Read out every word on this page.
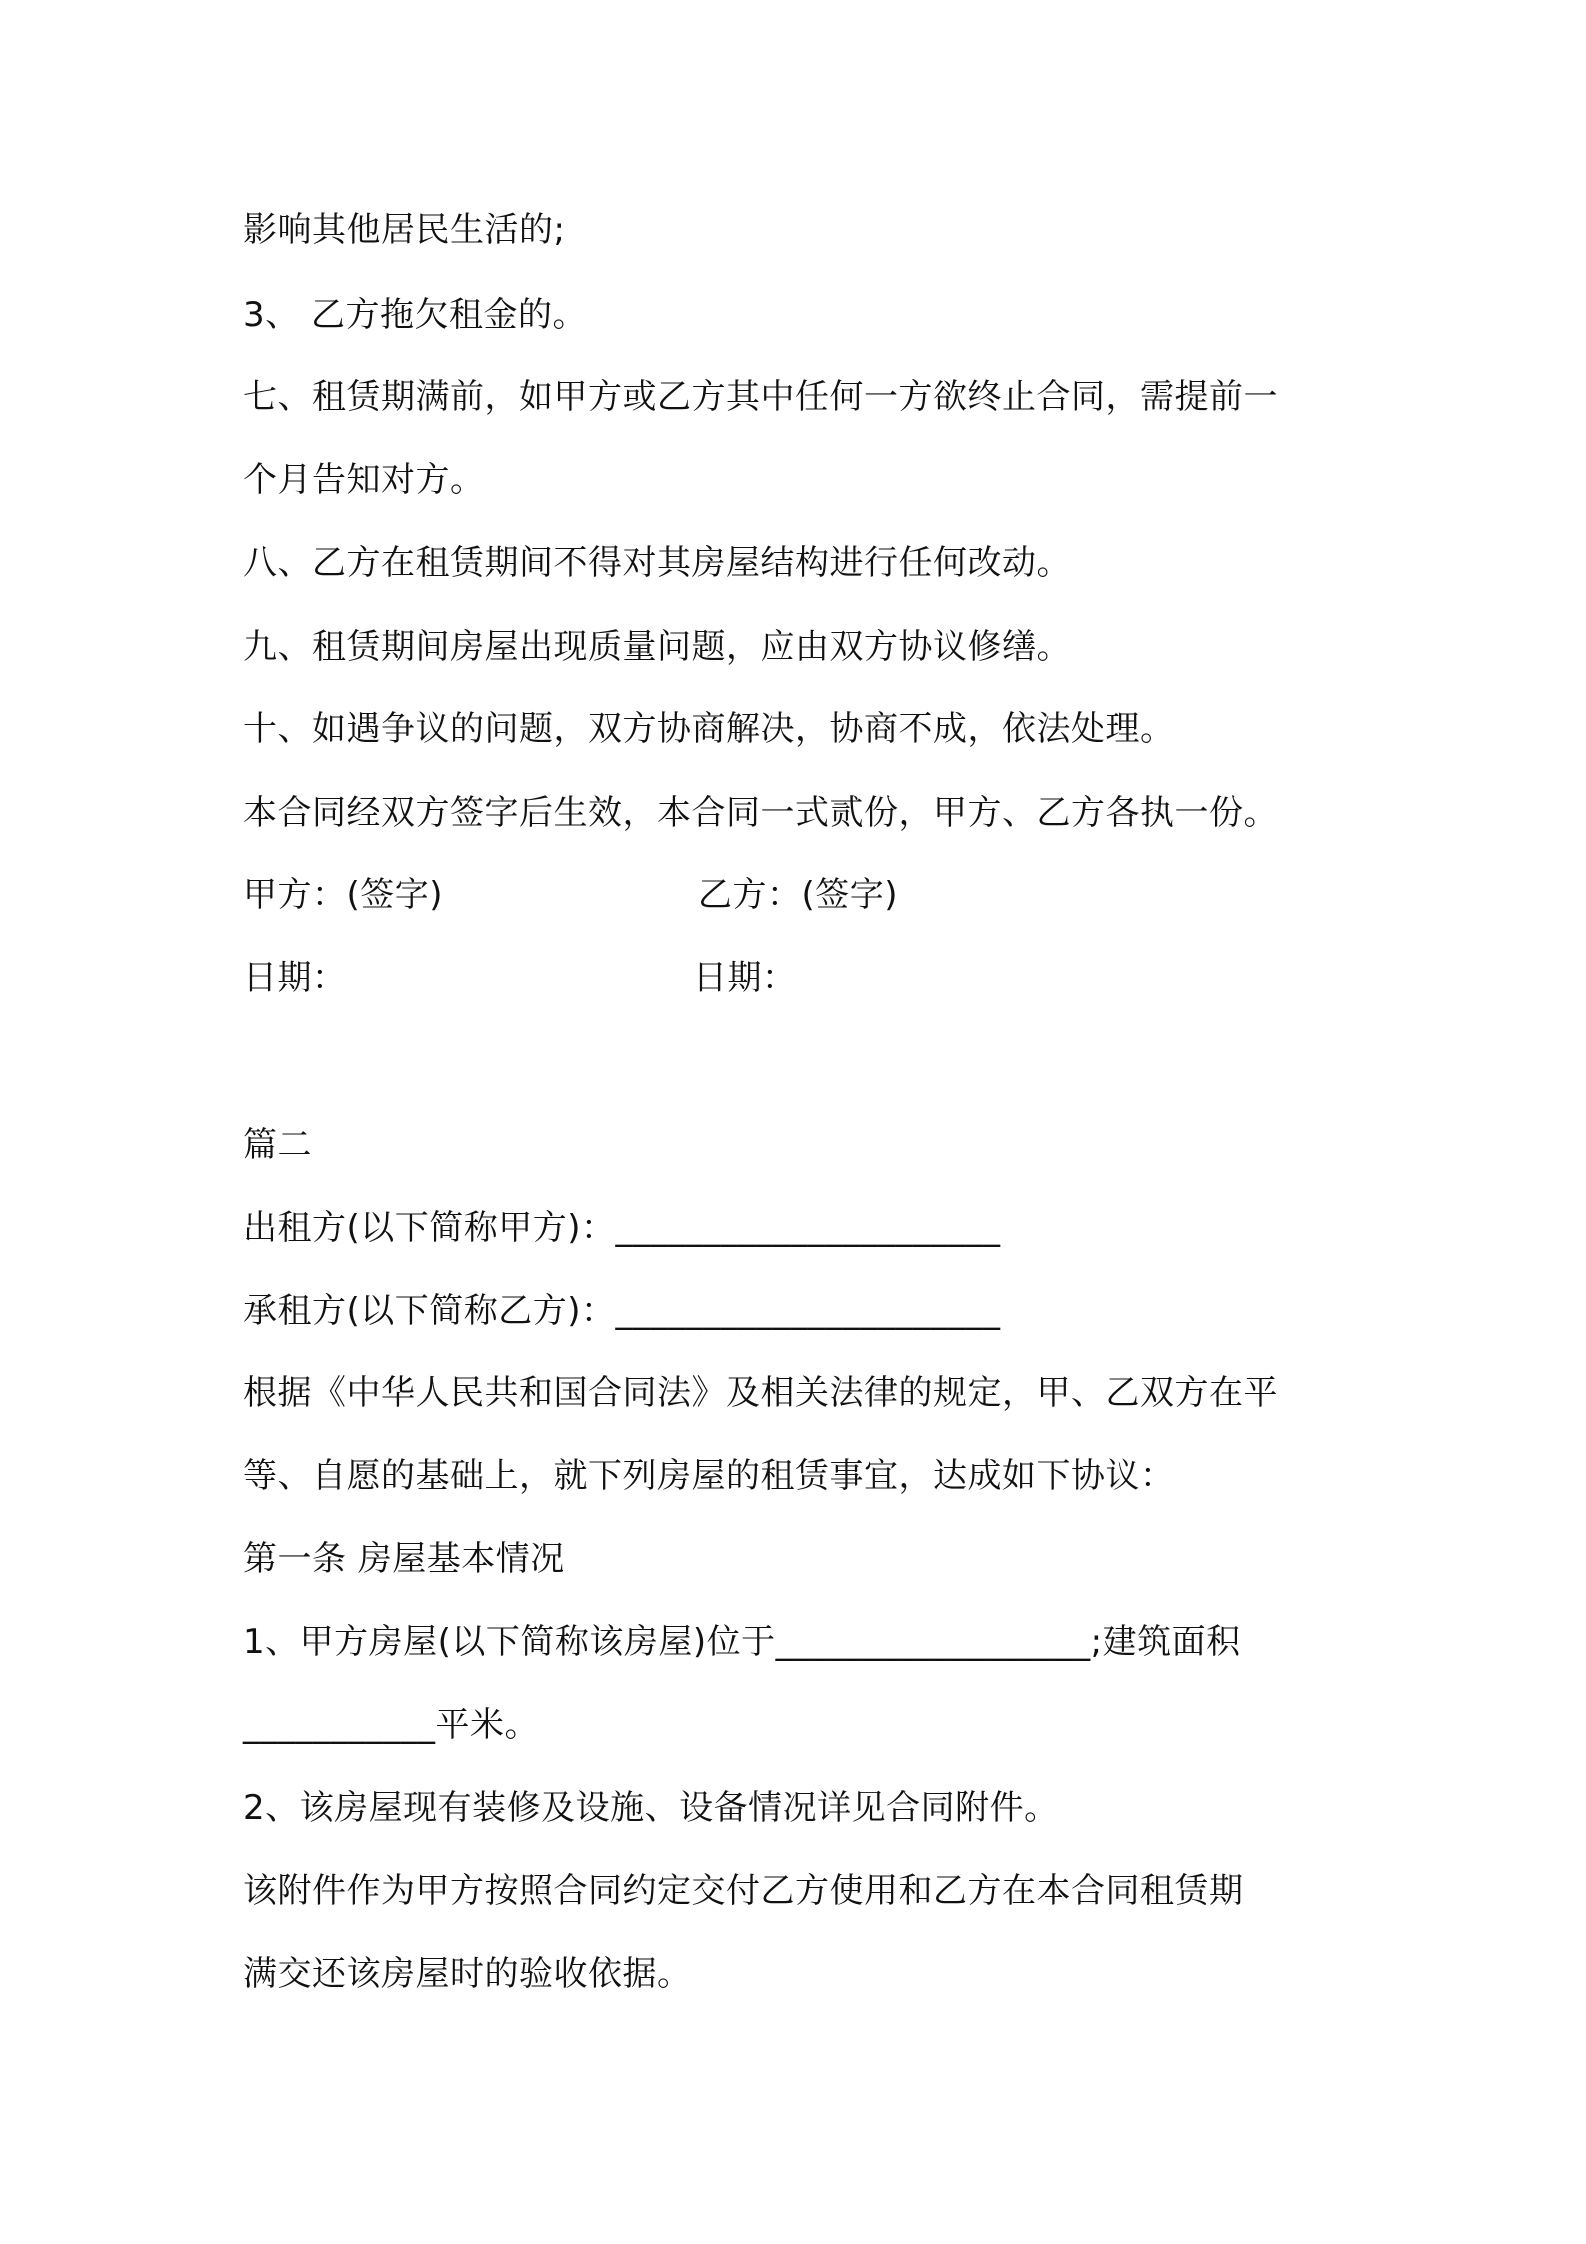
影响其他居民生活的;
3、 乙方拖欠租金的。
七、租赁期满前，如甲方或乙方其中任何一方欲终止合同，需提前一
个月告知对方。
八、乙方在租赁期间不得对其房屋结构进行任何改动。
九、租赁期间房屋出现质量问题，应由双方协议修缮。
十、如遇争议的问题，双方协商解决，协商不成，依法处理。
本合同经双方签字后生效，本合同一式贰份，甲方、乙方各执一份。
甲方：(签字)	乙方：(签字)
日期：	日期：
篇二
出租方(以下简称甲方)：______________________
承租方(以下简称乙方)：______________________
根据《中华人民共和国合同法》及相关法律的规定，甲、乙双方在平
等、自愿的基础上，就下列房屋的租赁事宜，达成如下协议：
第一条 房屋基本情况
1、甲方房屋(以下简称该房屋)位于__________________;建筑面积
___________平米。
2、该房屋现有装修及设施、设备情况详见合同附件。
该附件作为甲方按照合同约定交付乙方使用和乙方在本合同租赁期
满交还该房屋时的验收依据。
